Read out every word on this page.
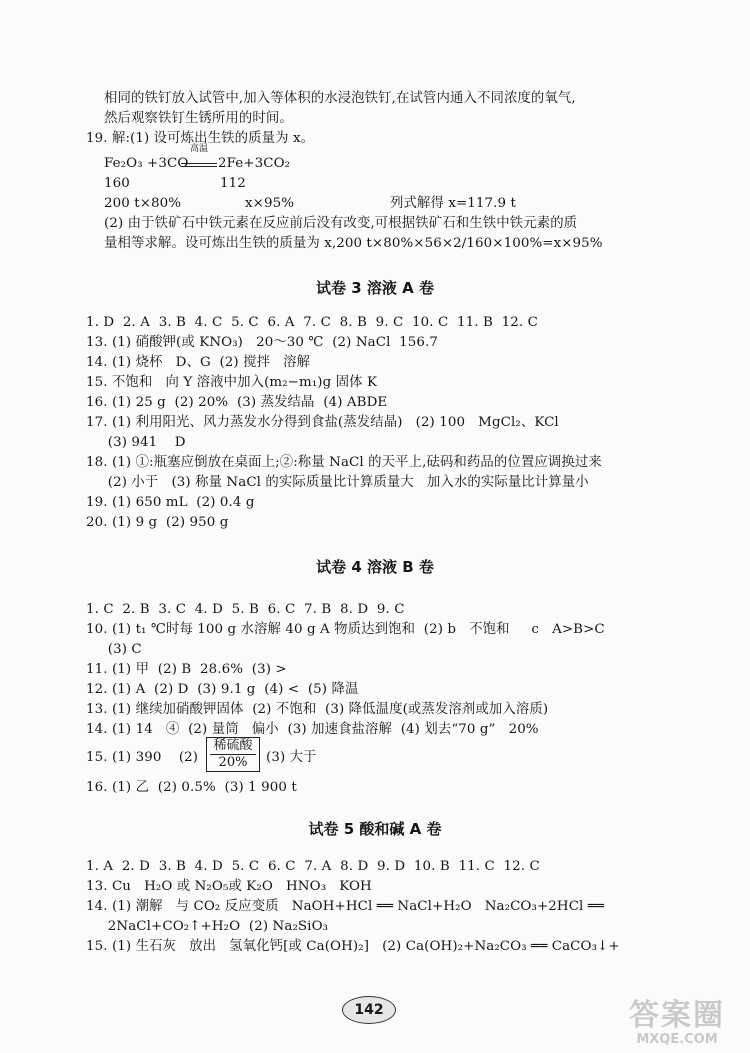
相同的铁钉放入试管中,加入等体积的水浸泡铁钉,在试管内通入不同浓度的氧气,
然后观察铁钉生锈所用的时间。
19. 解:(1) 设可炼出生铁的质量为 x。
Fe₂O₃ +3CO
高温
2Fe+3CO₂
160	112
200 t×80%	x×95%	列式解得 x=117.9 t
(2) 由于铁矿石中铁元素在反应前后没有改变,可根据铁矿石和生铁中铁元素的质
量相等求解。设可炼出生铁的质量为 x,200 t×80%×56×2/160×100%=x×95%
试卷 3 溶液 A 卷
1. D  2. A  3. B  4. C  5. C  6. A  7. C  8. B  9. C  10. C  11. B  12. C
13. (1) 硝酸钾(或 KNO₃)   20～30 ℃  (2) NaCl  156.7
14. (1) 烧杯   D、G  (2) 搅拌   溶解
15. 不饱和   向 Y 溶液中加入(m₂−m₁)g 固体 K
16. (1) 25 g  (2) 20%  (3) 蒸发结晶  (4) ABDE
17. (1) 利用阳光、风力蒸发水分得到食盐(蒸发结晶)   (2) 100   MgCl₂、KCl
(3) 941    D
18. (1) ①:瓶塞应倒放在桌面上;②:称量 NaCl 的天平上,砝码和药品的位置应调换过来
(2) 小于   (3) 称量 NaCl 的实际质量比计算质量大   加入水的实际量比计算量小
19. (1) 650 mL  (2) 0.4 g
20. (1) 9 g  (2) 950 g
试卷 4 溶液 B 卷
1. C  2. B  3. C  4. D  5. B  6. C  7. B  8. D  9. C
10. (1) t₁ ℃时每 100 g 水溶解 40 g A 物质达到饱和  (2) b   不饱和     c   A>B>C
(3) C
11. (1) 甲  (2) B  28.6%  (3) >
12. (1) A  (2) D  (3) 9.1 g  (4) <  (5) 降温
13. (1) 继续加硝酸钾固体  (2) 不饱和  (3) 降低温度(或蒸发溶剂或加入溶质)
14. (1) 14   ④  (2) 量筒   偏小  (3) 加速食盐溶解  (4) 划去“70 g”   20%
15. (1) 390    (2)
稀硫酸
20%	(3) 大于
16. (1) 乙  (2) 0.5%  (3) 1 900 t
试卷 5 酸和碱 A 卷
1. A  2. D  3. B  4. D  5. C  6. C  7. A  8. D  9. D  10. B  11. C  12. C
13. Cu   H₂O 或 N₂O₅或 K₂O   HNO₃   KOH
14. (1) 潮解   与 CO₂ 反应变质   NaOH+HCl ══ NaCl+H₂O   Na₂CO₃+2HCl ══
2NaCl+CO₂↑+H₂O  (2) Na₂SiO₃
15. (1) 生石灰   放出   氢氧化钙[或 Ca(OH)₂]   (2) Ca(OH)₂+Na₂CO₃ ══ CaCO₃↓+
142	答案圈
MXQE.COM
